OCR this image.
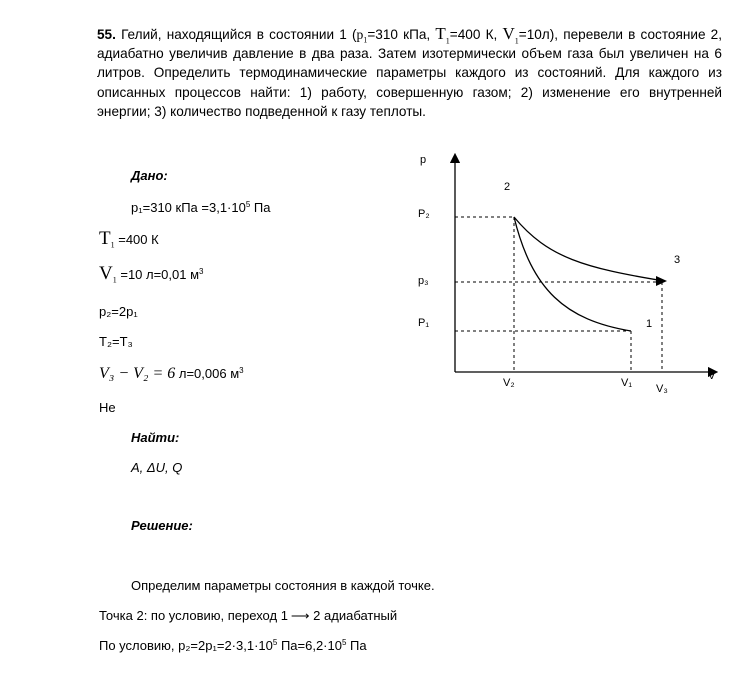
55. Гелий, находящийся в состоянии 1 ($p_1=310$ кПа, $T_1=400$ К, $V_1=10л$), перевели в состояние 2, адиабатно увеличив давление в два раза. Затем изотермически объем газа был увеличен на 6 литров. Определить термодинамические параметры каждого из состояний. Для каждого из описанных процессов найти: 1) работу, совершенную газом; 2) изменение его внутренней энергии; 3) количество подведенной к газу теплоты.
Дано:
p₁=310 кПа $=3,1\cdot 10^5$ Па
$T_1 =400$ К
$V_1 =10$ л=0,01 $м^3$
p₂=2p₁
T₂=T₃
V₃ − V₂ = 6 л=0,006 $м^3$
He
Найти:
A, ΔU, Q
Решение:
Определим параметры состояния в каждой точке.
Точка 2: по условию, переход 1 ⟶ 2 адиабатный
По условию, $p_2=2p_1=2\cdot 3,1\cdot 10^5$ $Па=6,2\cdot 10^5$ Па
p
V
P₂
p₃
P₁
V₂	V₁ V₃
2
3
1
